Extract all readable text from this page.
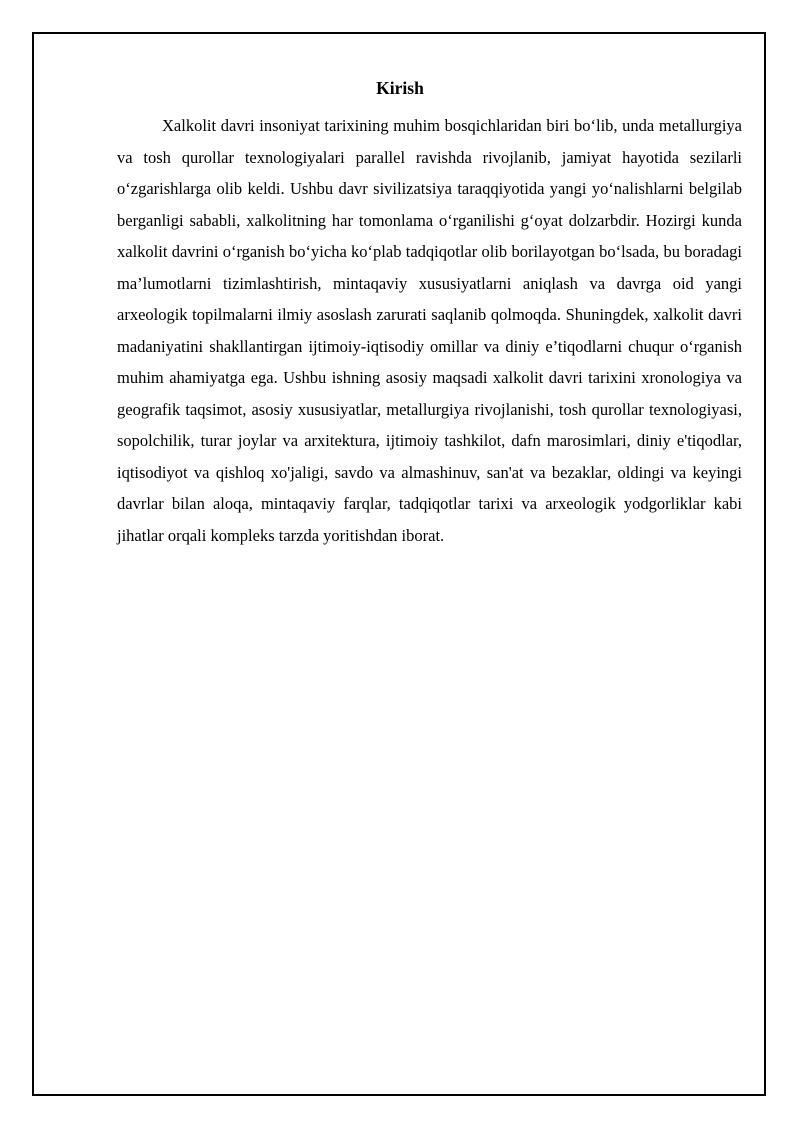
Kirish

Xalkolit davri insoniyat tarixining muhim bosqichlaridan biri bo‘lib, unda metallurgiya va tosh qurollar texnologiyalari parallel ravishda rivojlanib, jamiyat hayotida sezilarli o‘zgarishlarga olib keldi. Ushbu davr sivilizatsiya taraqqiyotida yangi yo‘nalishlarni belgilab berganligi sababli, xalkolitning har tomonlama o‘rganilishi g‘oyat dolzarbdir. Hozirgi kunda xalkolit davrini o‘rganish bo‘yicha ko‘plab tadqiqotlar olib borilayotgan bo‘lsada, bu boradagi ma’lumotlarni tizimlashtirish, mintaqaviy xususiyatlarni aniqlash va davrga oid yangi arxeologik topilmalarni ilmiy asoslash zarurati saqlanib qolmoqda. Shuningdek, xalkolit davri madaniyatini shakllantirgan ijtimoiy-iqtisodiy omillar va diniy e’tiqodlarni chuqur o‘rganish muhim ahamiyatga ega. Ushbu ishning asosiy maqsadi xalkolit davri tarixini xronologiya va geografik taqsimot, asosiy xususiyatlar, metallurgiya rivojlanishi, tosh qurollar texnologiyasi, sopolchilik, turar joylar va arxitektura, ijtimoiy tashkilot, dafn marosimlari, diniy e'tiqodlar, iqtisodiyot va qishloq xo'jaligi, savdo va almashinuv, san'at va bezaklar, oldingi va keyingi davrlar bilan aloqa, mintaqaviy farqlar, tadqiqotlar tarixi va arxeologik yodgorliklar kabi jihatlar orqali kompleks tarzda yoritishdan iborat.
